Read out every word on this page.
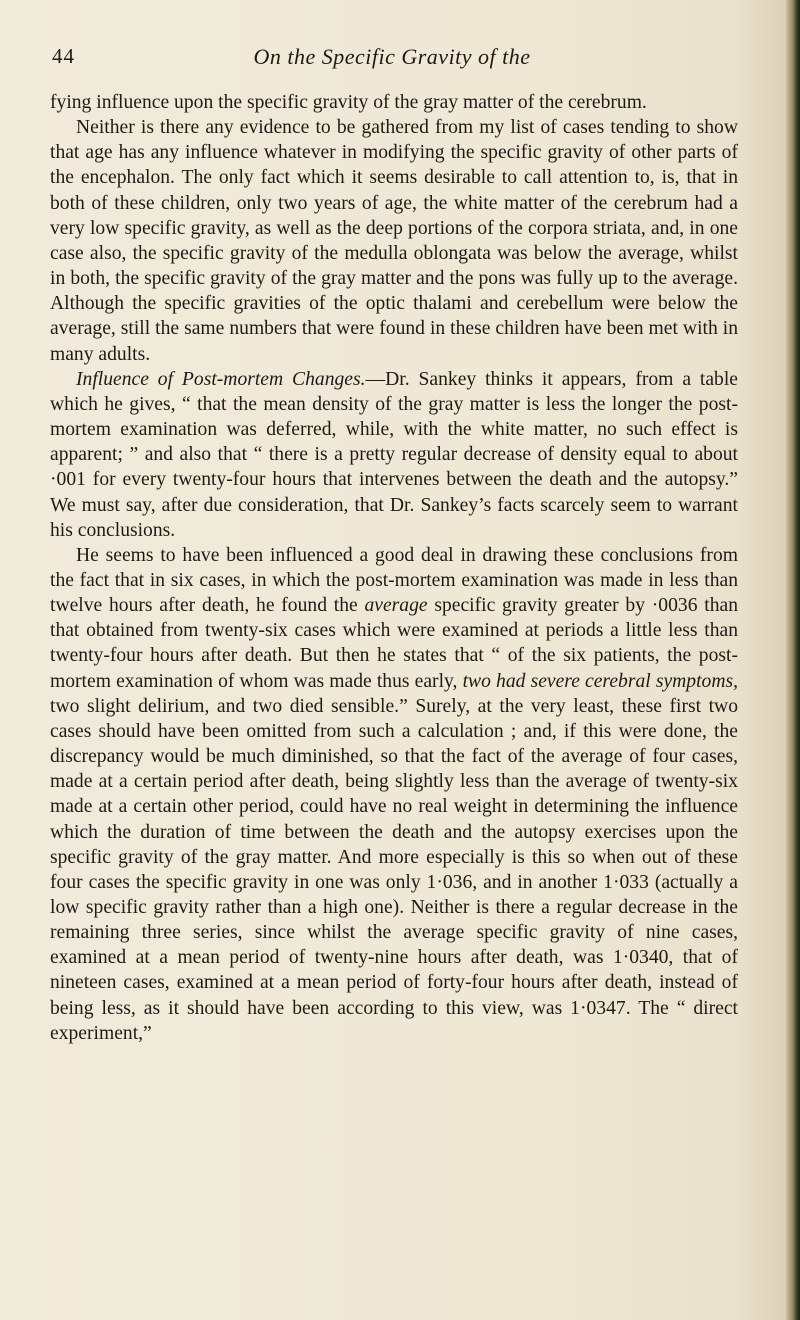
44	On the Specific Gravity of the

fying influence upon the specific gravity of the gray matter of the cerebrum.

Neither is there any evidence to be gathered from my list of cases tending to show that age has any influence whatever in modifying the specific gravity of other parts of the encephalon. The only fact which it seems desirable to call attention to, is, that in both of these children, only two years of age, the white matter of the cerebrum had a very low specific gravity, as well as the deep portions of the corpora striata, and, in one case also, the specific gravity of the medulla oblongata was below the average, whilst in both, the specific gravity of the gray matter and the pons was fully up to the average. Although the specific gravities of the optic thalami and cerebellum were below the average, still the same numbers that were found in these children have been met with in many adults.

Influence of Post-mortem Changes.—Dr. Sankey thinks it appears, from a table which he gives, “ that the mean density of the gray matter is less the longer the post-mortem examination was deferred, while, with the white matter, no such effect is apparent; ” and also that “ there is a pretty regular decrease of density equal to about ·001 for every twenty-four hours that intervenes between the death and the autopsy.” We must say, after due consideration, that Dr. Sankey’s facts scarcely seem to warrant his conclusions.

He seems to have been influenced a good deal in drawing these conclusions from the fact that in six cases, in which the post-mortem examination was made in less than twelve hours after death, he found the average specific gravity greater by ·0036 than that obtained from twenty-six cases which were examined at periods a little less than twenty-four hours after death. But then he states that “ of the six patients, the post-mortem examination of whom was made thus early, two had severe cerebral symptoms, two slight delirium, and two died sensible.” Surely, at the very least, these first two cases should have been omitted from such a calculation ; and, if this were done, the discrepancy would be much diminished, so that the fact of the average of four cases, made at a certain period after death, being slightly less than the average of twenty-six made at a certain other period, could have no real weight in determining the influence which the duration of time between the death and the autopsy exercises upon the specific gravity of the gray matter. And more especially is this so when out of these four cases the specific gravity in one was only 1·036, and in another 1·033 (actually a low specific gravity rather than a high one). Neither is there a regular decrease in the remaining three series, since whilst the average specific gravity of nine cases, examined at a mean period of twenty-nine hours after death, was 1·0340, that of nineteen cases, examined at a mean period of forty-four hours after death, instead of being less, as it should have been according to this view, was 1·0347. The “ direct experiment,”
